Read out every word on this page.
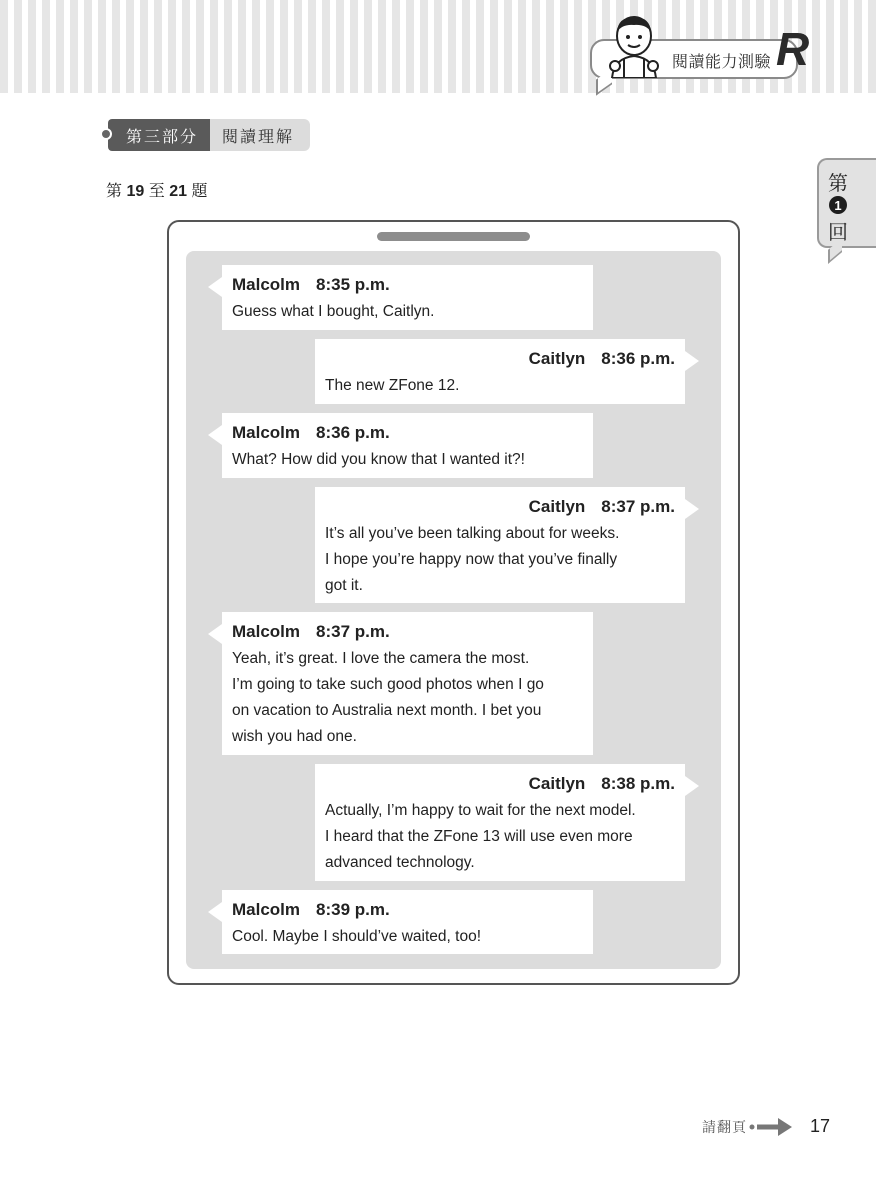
閱讀能力測驗 R
第三部分	閱讀理解
第 19 至 21 題	第
1
回
Malcolm 8:35 p.m.
Guess what I bought, Caitlyn.
Caitlyn 8:36 p.m.
The new ZFone 12.
Malcolm 8:36 p.m.
What? How did you know that I wanted it?!
Caitlyn 8:37 p.m.
It’s all you’ve been talking about for weeks.
I hope you’re happy now that you’ve finally
got it.
Malcolm 8:37 p.m.
Yeah, it’s great. I love the camera the most.
I’m going to take such good photos when I go
on vacation to Australia next month. I bet you
wish you had one.
Caitlyn 8:38 p.m.
Actually, I’m happy to wait for the next model.
I heard that the ZFone 13 will use even more
advanced technology.
Malcolm 8:39 p.m.
Cool. Maybe I should’ve waited, too!
請翻頁	17
